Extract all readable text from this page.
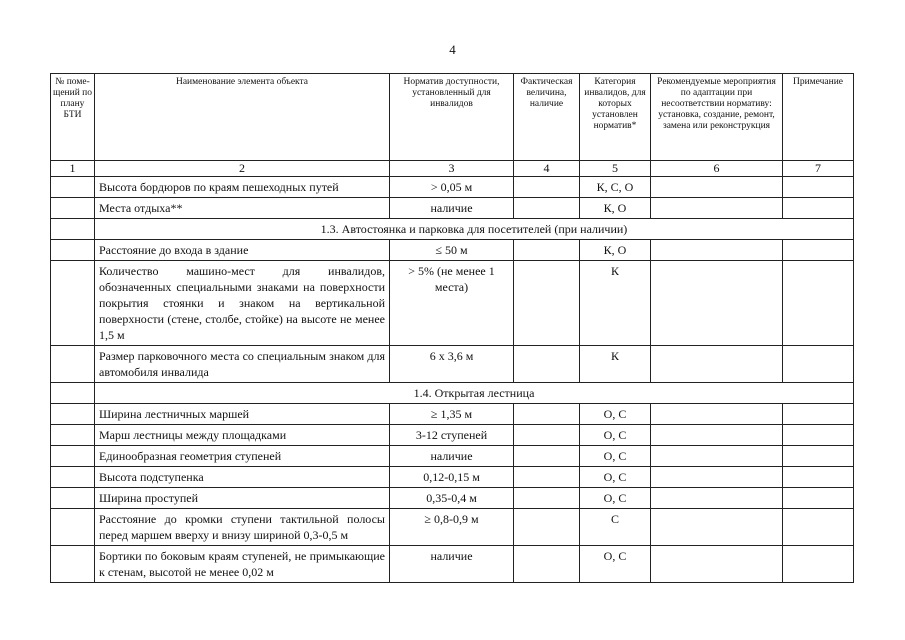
4
№ поме-щений по плану БТИ	Наименование элемента объекта	Норматив доступности, установленный для инвалидов	Фактическая величина, наличие	Категория инвалидов, для которых установлен норматив*	Рекомендуемые мероприятия по адаптации при несоответствии нормативу: установка, создание, ремонт, замена или реконструкция	Примечание
1	2	3	4	5	6	7
	Высота бордюров по краям пешеходных путей	> 0,05 м		К, С, О		
	Места отдыха**	наличие		К, О		
	1.3. Автостоянка и парковка для посетителей (при наличии)					
	Расстояние до входа в здание	≤ 50 м		К, О		
	Количество машино-мест для инвалидов, обозначенных специальными знаками на поверхности покрытия стоянки и знаком на вертикальной поверхности (стене, столбе, стойке) на высоте не менее 1,5 м	> 5% (не менее 1 места)		К		
	Размер парковочного места со специальным знаком для автомобиля инвалида	6 х 3,6 м		К		
	1.4. Открытая лестница					
	Ширина лестничных маршей	≥ 1,35 м		О, С		
	Марш лестницы между площадками	3-12 ступеней		О, С		
	Единообразная геометрия ступеней	наличие		О, С		
	Высота подступенка	0,12-0,15 м		О, С		
	Ширина проступей	0,35-0,4 м		О, С		
	Расстояние до кромки ступени тактильной полосы перед маршем вверху и внизу шириной 0,3-0,5 м	≥ 0,8-0,9 м		С		
	Бортики по боковым краям ступеней, не примыкающие к стенам, высотой не менее 0,02 м	наличие		О, С		
